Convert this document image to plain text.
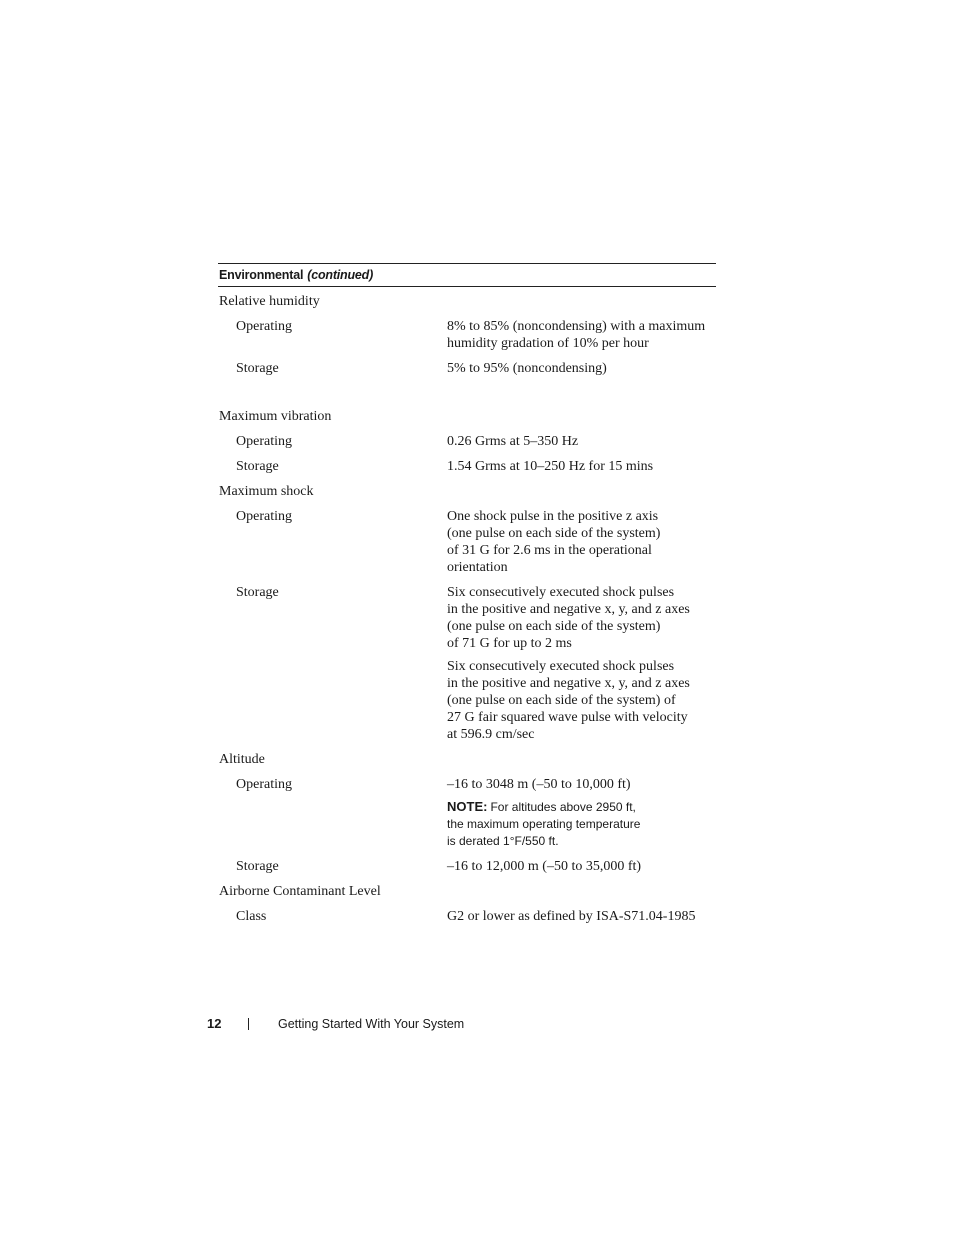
Environmental (continued)
Relative humidity
Operating	8% to 85% (noncondensing) with a maximum
humidity gradation of 10% per hour
Storage	5% to 95% (noncondensing)
Maximum vibration
Operating	0.26 Grms at 5–350 Hz
Storage	1.54 Grms at 10–250 Hz for 15 mins
Maximum shock
Operating	One shock pulse in the positive z axis
(one pulse on each side of the system)
of 31 G for 2.6 ms in the operational
orientation
Storage	Six consecutively executed shock pulses
in the positive and negative x, y, and z axes
(one pulse on each side of the system)
of 71 G for up to 2 ms
Six consecutively executed shock pulses
in the positive and negative x, y, and z axes
(one pulse on each side of the system) of
27 G fair squared wave pulse with velocity
at 596.9 cm/sec
Altitude
Operating	–16 to 3048 m (–50 to 10,000 ft)
NOTE: For altitudes above 2950 ft,
the maximum operating temperature
is derated 1°F/550 ft.
Storage	–16 to 12,000 m (–50 to 35,000 ft)
Airborne Contaminant Level
Class	G2 or lower as defined by ISA-S71.04-1985
12	Getting Started With Your System
